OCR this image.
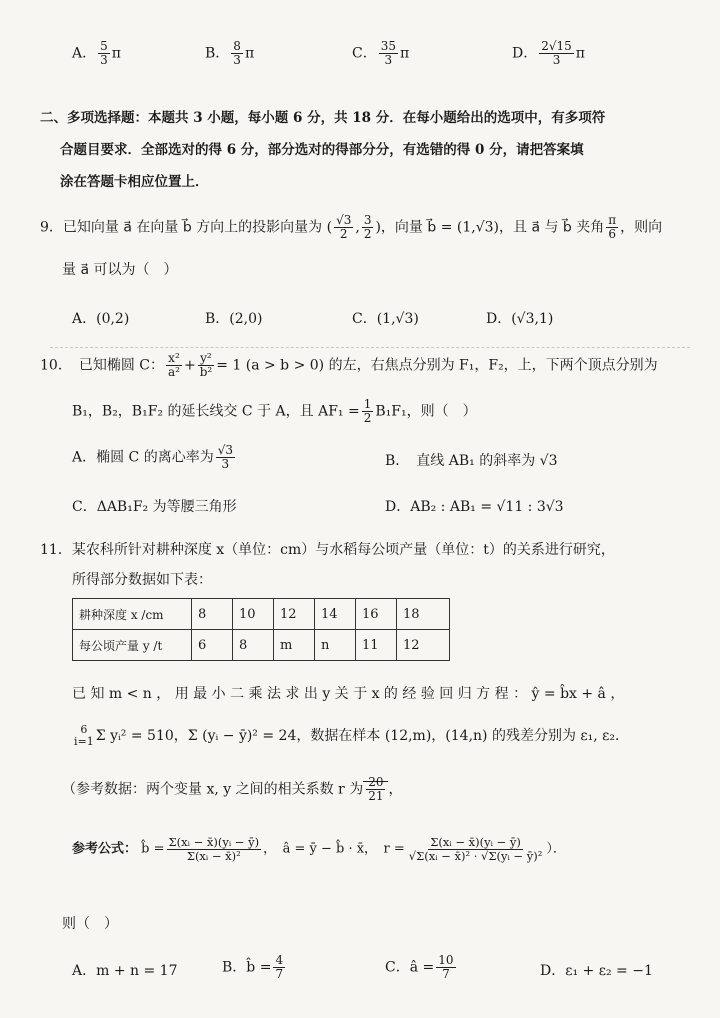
A． $\frac{5}{3}$ π	B． $\frac{8}{3}$ π	C． $\frac{35}{3}$ π	D． $\frac{2√15}{3}$ π
二、多项选择题：本题共 3 小题，每小题 6 分，共 18 分．在每小题给出的选项中，有多项符
合题目要求．全部选对的得 6 分，部分选对的得部分分，有选错的得 0 分，请把答案填
涂在答题卡相应位置上．
9．已知向量 a⃗ 在向量 b⃗ 方向上的投影向量为 ( $\frac{√3}{2}$ , $\frac{3}{2}$ )，向量 b⃗ = (1,√3)，且 a⃗ 与 b⃗ 夹角 $\frac{\pi}{6}$ ，则向
量 a⃗ 可以为（　）
A．(0,2)	B．(2,0)	C．(1,√3)	D．(√3,1)
10．　已知椭圆 C： $\frac{\text{x²}}{\text{a²}} + \frac{\text{y²}}{\text{b²}} = 1$ (a > b > 0) 的左，右焦点分别为 F₁，F₂，上，下两个顶点分别为
B₁，B₂，B₁F₂ 的延长线交 C 于 A，且 $AF_1 = \frac{1}{2} B_1F_1$，则（　）
A．椭圆 C 的离心率为 $\frac{√3}{3}$	B．　直线 AB₁ 的斜率为 √3
C．ΔAB₁F₂ 为等腰三角形	D．AB₂ : AB₁ = √11 : 3√3
11．某农科所针对耕种深度 x（单位：cm）与水稻每公顷产量（单位：t）的关系进行研究，
所得部分数据如下表：
耕种深度 x /cm	8	10	12	14	16	18
每公顷产量 y /t	6	8	m	n	11	12
已 知 m < n ， 用 最 小 二 乘 法 求 出 y 关 于 x 的 经 验 回 归 方 程 ： ŷ = b̂x + â ，
6
i=1 Σ yᵢ² = 510，Σ (yᵢ − ȳ)² = 24，数据在样本 (12,m)，(14,n) 的残差分别为 ε₁, ε₂．
（参考数据：两个变量 x, y 之间的相关系数 r 为 $\frac{20}{21}$ ，
参考公式： b̂ = $\frac{\text{Σ(xᵢ − x̄)(yᵢ − ȳ)}}{\text{Σ(xᵢ − x̄)²}}$ ，　â = ȳ − b̂ · x̄，　$r = \frac{\text{Σ(xᵢ − x̄)(yᵢ − ȳ)}}{\text{√Σ(xᵢ − x̄)² · √Σ(yᵢ − ȳ)²}}$ ）．
则（　）
A．m + n = 17	B．b̂ = $\frac{4}{7}$	C．â = $\frac{10}{7}$	D．ε₁ + ε₂ = −1
